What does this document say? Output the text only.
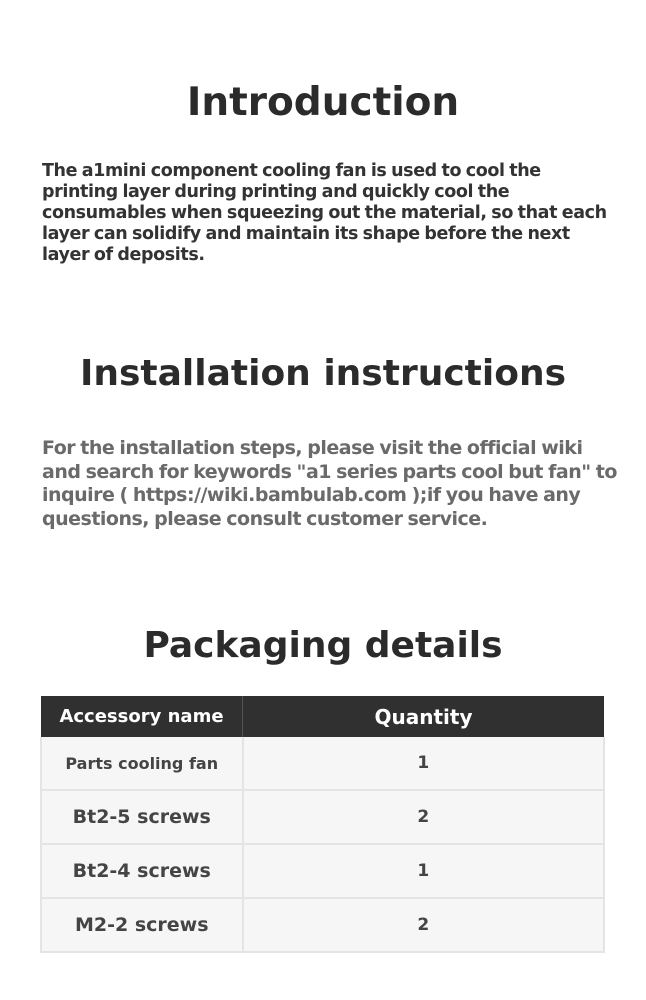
Introduction

The a1mini component cooling fan is used to cool the printing layer during printing and quickly cool the consumables when squeezing out the material, so that each layer can solidify and maintain its shape before the next layer of deposits.

Installation instructions

For the installation steps, please visit the official wiki and search for keywords "a1 series parts cool but fan" to inquire ( https://wiki.bambulab.com );if you have any questions, please consult customer service.

Packaging details
Accessory name	Quantity
Parts cooling fan	1
Bt2-5 screws	2
Bt2-4 screws	1
M2-2 screws	2
